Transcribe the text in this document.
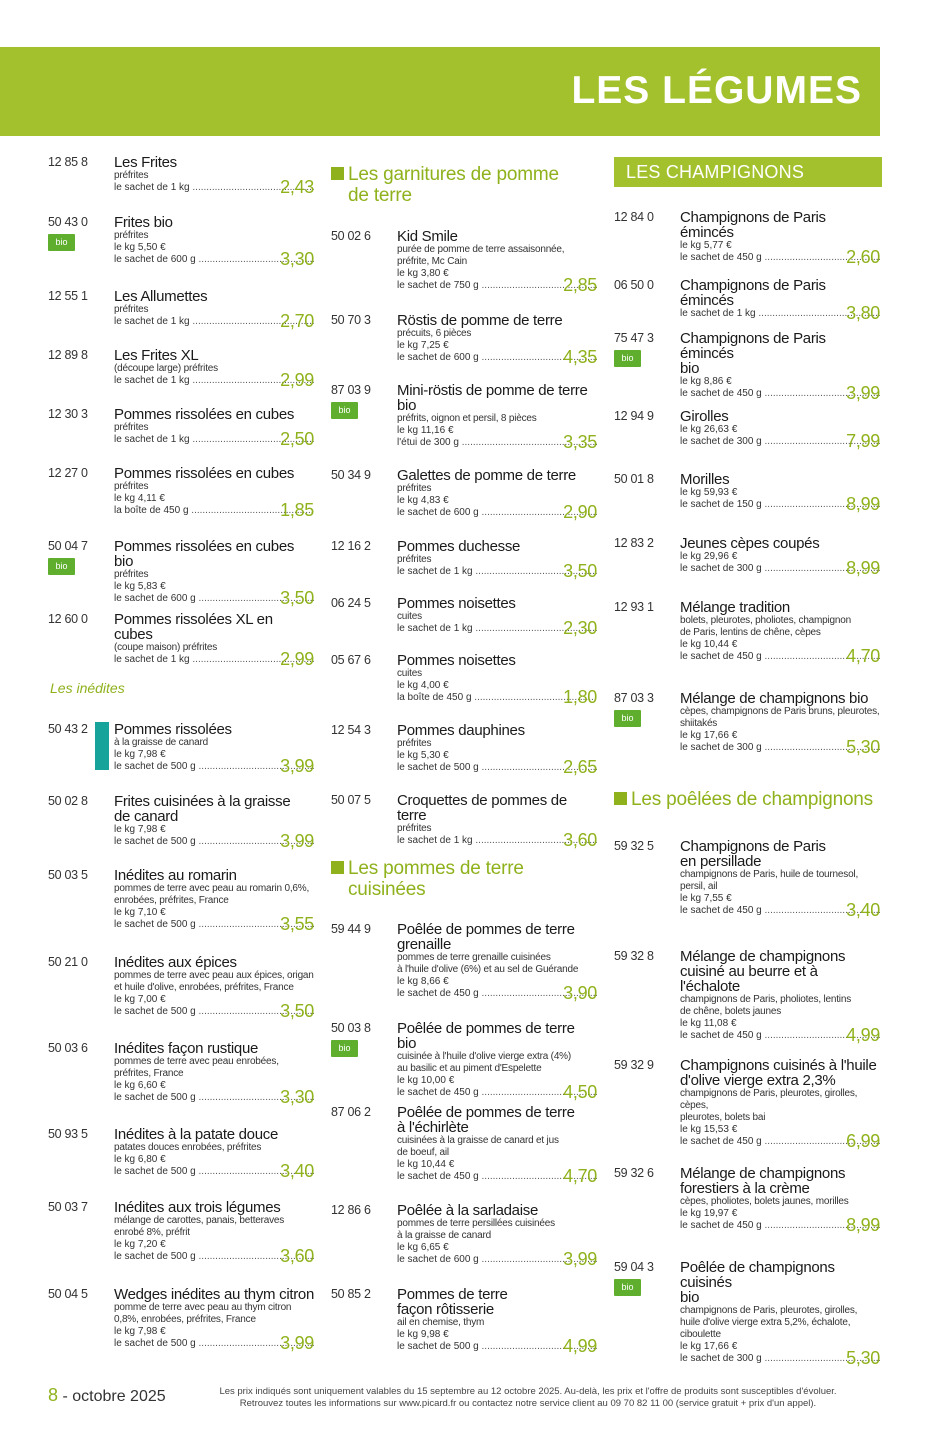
LES LÉGUMES
12 85 8 Les Frites
préfrites
le sachet de 1 kg .....	2,43
50 43 0
bio
Frites bio
préfrites
le kg 5,50 €
le sachet de 600 g .....	3,30
12 55 1 Les Allumettes
préfrites
le sachet de 1 kg .....	2,70
12 89 8 Les Frites XL
(découpe large) préfrites
le sachet de 1 kg .....	2,99
12 30 3 Pommes rissolées en cubes
préfrites
le sachet de 1 kg .....	2,50
12 27 0 Pommes rissolées en cubes
préfrites
le kg 4,11 €
la boîte de 450 g .....	1,85
50 04 7
bio
Pommes rissolées en cubes bio
préfrites
le kg 5,83 €
le sachet de 600 g .....	3,50
12 60 0 Pommes rissolées XL en cubes
(coupe maison) préfrites
le sachet de 1 kg .....	2,99
50 43 2 Pommes rissolées
à la graisse de canard
le kg 7,98 €
le sachet de 500 g .....	3,99
50 02 8 Frites cuisinées à la graisse
de canard
le kg 7,98 €
le sachet de 500 g .....	3,99
50 03 5 Inédites au romarin
pommes de terre avec peau au romarin 0,6%,
enrobées, préfrites, France
le kg 7,10 €
le sachet de 500 g .....	3,55
50 21 0 Inédites aux épices
pommes de terre avec peau aux épices, origan
et huile d'olive, enrobées, préfrites, France
le kg 7,00 €
le sachet de 500 g .....	3,50
50 03 6 Inédites façon rustique
pommes de terre avec peau enrobées,
préfrites, France
le kg 6,60 €
le sachet de 500 g .....	3,30
50 93 5 Inédites à la patate douce
patates douces enrobées, préfrites
le kg 6,80 €
le sachet de 500 g .....	3,40
50 03 7 Inédites aux trois légumes
mélange de carottes, panais, betteraves
enrobé 8%, préfrit
le kg 7,20 €
le sachet de 500 g .....	3,60
50 04 5 Wedges inédites au thym citron
pomme de terre avec peau au thym citron
0,8%, enrobées, préfrites, France
le kg 7,98 €
le sachet de 500 g .....	3,99
50 02 6 Kid Smile
purée de pomme de terre assaisonnée,
préfrite, Mc Cain
le kg 3,80 €
le sachet de 750 g .....	2,85
50 70 3 Röstis de pomme de terre
précuits, 6 pièces
le kg 7,25 €
le sachet de 600 g .....	4,35
87 03 9
bio
Mini-röstis de pomme de terre
bio
préfrits, oignon et persil, 8 pièces
le kg 11,16 €
l'étui de 300 g .....	3,35
50 34 9 Galettes de pomme de terre
préfrites
le kg 4,83 €
le sachet de 600 g .....	2,90
12 16 2 Pommes duchesse
préfrites
le sachet de 1 kg .....	3,50
06 24 5 Pommes noisettes
cuites
le sachet de 1 kg .....	2,30
05 67 6 Pommes noisettes
cuites
le kg 4,00 €
la boîte de 450 g .....	1,80
12 54 3 Pommes dauphines
préfrites
le kg 5,30 €
le sachet de 500 g .....	2,65
50 07 5 Croquettes de pommes de terre
préfrites
le sachet de 1 kg .....	3,60
59 44 9 Poêlée de pommes de terre
grenaille
pommes de terre grenaille cuisinées
à l'huile d'olive (6%) et au sel de Guérande
le kg 8,66 €
le sachet de 450 g .....	3,90
50 03 8
bio
Poêlée de pommes de terre bio
cuisinée à l'huile d'olive vierge extra (4%)
au basilic et au piment d'Espelette
le kg 10,00 €
le sachet de 450 g .....	4,50
87 06 2 Poêlée de pommes de terre
à l'échirlète
cuisinées à la graisse de canard et jus
de boeuf, ail
le kg 10,44 €
le sachet de 450 g .....	4,70
12 86 6 Poêlée à la sarladaise
pommes de terre persillées cuisinées
à la graisse de canard
le kg 6,65 €
le sachet de 600 g .....	3,99
50 85 2 Pommes de terre
façon rôtisserie
ail en chemise, thym
le kg 9,98 €
le sachet de 500 g .....	4,99
12 84 0 Champignons de Paris émincés
le kg 5,77 €
le sachet de 450 g .....	2,60
06 50 0 Champignons de Paris émincés
le sachet de 1 kg .....	3,80
75 47 3
bio
Champignons de Paris émincés
bio
le kg 8,86 €
le sachet de 450 g .....	3,99
12 94 9 Girolles
le kg 26,63 €
le sachet de 300 g .....	7,99
50 01 8 Morilles
le kg 59,93 €
le sachet de 150 g .....	8,99
12 83 2 Jeunes cèpes coupés
le kg 29,96 €
le sachet de 300 g .....	8,99
12 93 1 Mélange tradition
bolets, pleurotes, pholiotes, champignon
de Paris, lentins de chêne, cèpes
le kg 10,44 €
le sachet de 450 g .....	4,70
87 03 3
bio
Mélange de champignons bio
cèpes, champignons de Paris bruns, pleurotes,
shiitakés
le kg 17,66 €
le sachet de 300 g .....	5,30
59 32 5 Champignons de Paris
en persillade
champignons de Paris, huile de tournesol,
persil, ail
le kg 7,55 €
le sachet de 450 g .....	3,40
59 32 8 Mélange de champignons
cuisiné au beurre et à l'échalote
champignons de Paris, pholiotes, lentins
de chêne, bolets jaunes
le kg 11,08 €
le sachet de 450 g .....	4,99
59 32 9 Champignons cuisinés à l'huile
d'olive vierge extra 2,3%
champignons de Paris, pleurotes, girolles, cèpes,
pleurotes, bolets bai
le kg 15,53 €
le sachet de 450 g .....	6,99
59 32 6 Mélange de champignons
forestiers à la crème
cèpes, pholiotes, bolets jaunes, morilles
le kg 19,97 €
le sachet de 450 g .....	8,99
59 04 3
bio
Poêlée de champignons cuisinés
bio
champignons de Paris, pleurotes, girolles,
huile d'olive vierge extra 5,2%, échalote,
ciboulette
le kg 17,66 €
le sachet de 300 g .....	5,30
Les inédites
Les garnitures de pomme
de terre
Les pommes de terre
cuisinées
LES CHAMPIGNONS
Les poêlées de champignons
8 - octobre 2025	Les prix indiqués sont uniquement valables du 15 septembre au 12 octobre 2025. Au-delà, les prix et l'offre de produits sont susceptibles d'évoluer.
Retrouvez toutes les informations sur www.picard.fr ou contactez notre service client au 09 70 82 11 00 (service gratuit + prix d'un appel).
